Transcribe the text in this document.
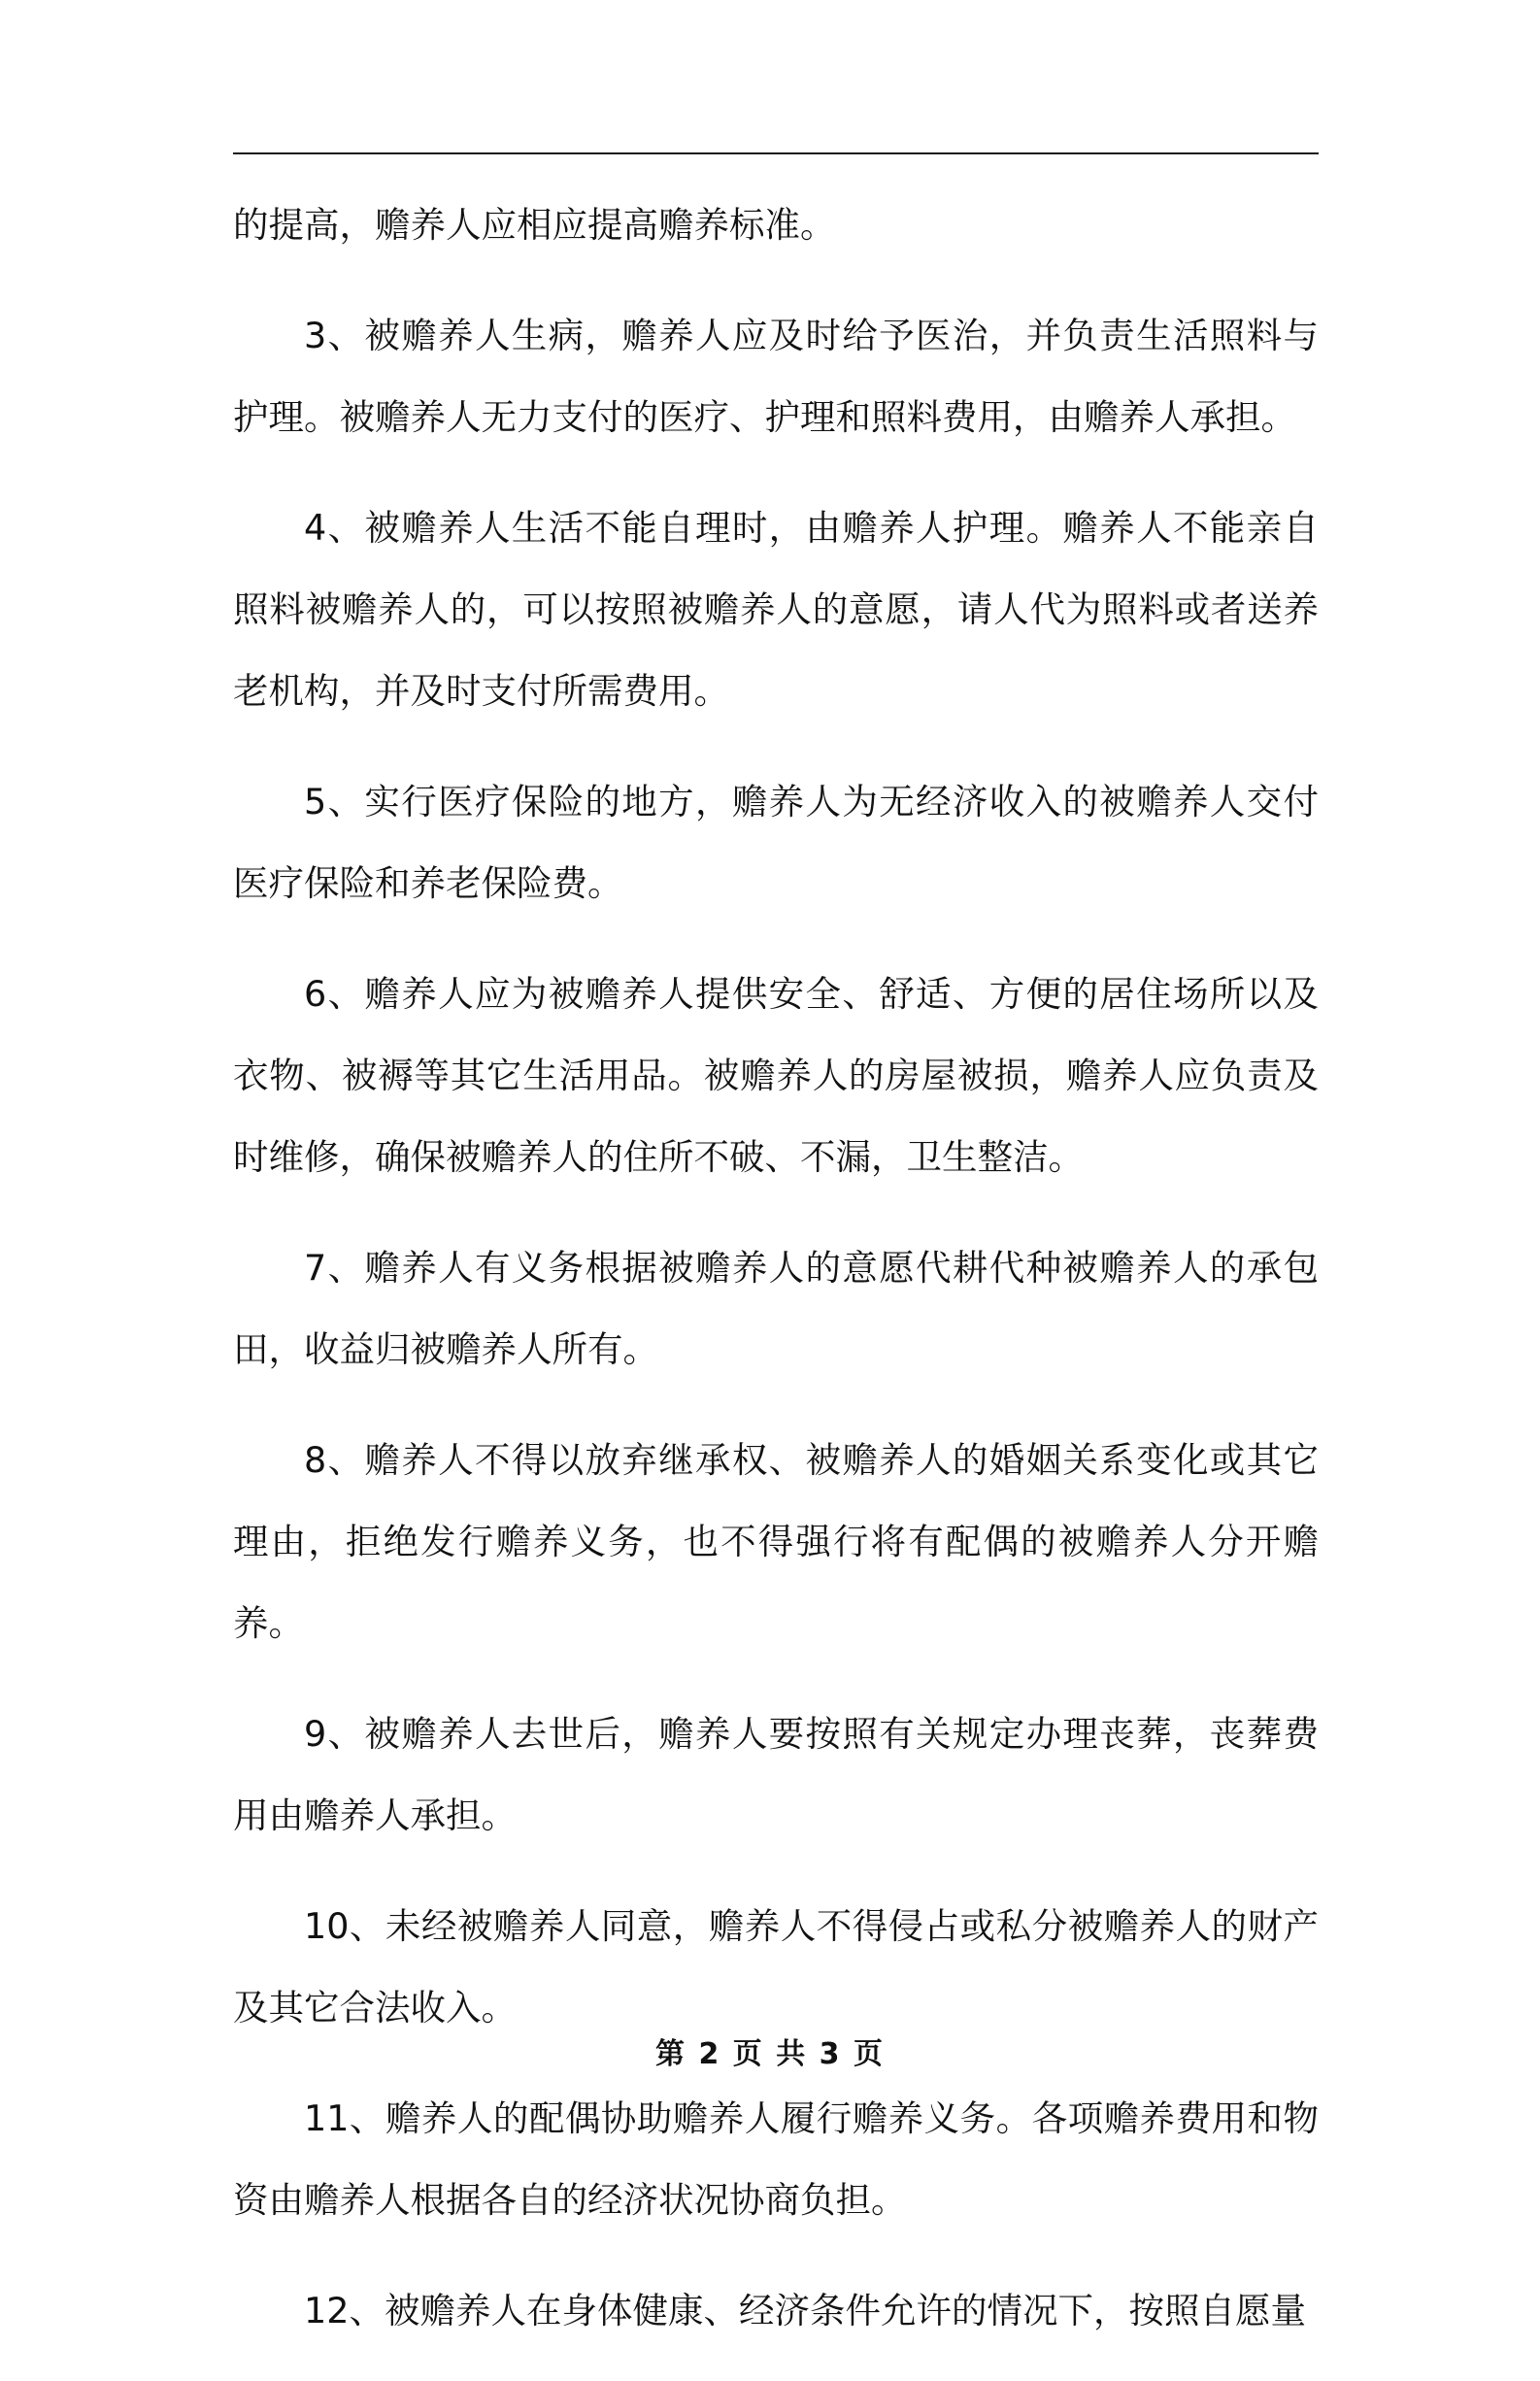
的提高，赡养人应相应提高赡养标准。

3、被赡养人生病，赡养人应及时给予医治，并负责生活照料与护理。被赡养人无力支付的医疗、护理和照料费用，由赡养人承担。

4、被赡养人生活不能自理时，由赡养人护理。赡养人不能亲自照料被赡养人的，可以按照被赡养人的意愿，请人代为照料或者送养老机构，并及时支付所需费用。

5、实行医疗保险的地方，赡养人为无经济收入的被赡养人交付医疗保险和养老保险费。

6、赡养人应为被赡养人提供安全、舒适、方便的居住场所以及衣物、被褥等其它生活用品。被赡养人的房屋被损，赡养人应负责及时维修，确保被赡养人的住所不破、不漏，卫生整洁。

7、赡养人有义务根据被赡养人的意愿代耕代种被赡养人的承包田，收益归被赡养人所有。

8、赡养人不得以放弃继承权、被赡养人的婚姻关系变化或其它理由，拒绝发行赡养义务，也不得强行将有配偶的被赡养人分开赡养。

9、被赡养人去世后，赡养人要按照有关规定办理丧葬，丧葬费用由赡养人承担。

10、未经被赡养人同意，赡养人不得侵占或私分被赡养人的财产及其它合法收入。

11、赡养人的配偶协助赡养人履行赡养义务。各项赡养费用和物资由赡养人根据各自的经济状况协商负担。

12、被赡养人在身体健康、经济条件允许的情况下，按照自愿量

第 2 页 共 3 页
